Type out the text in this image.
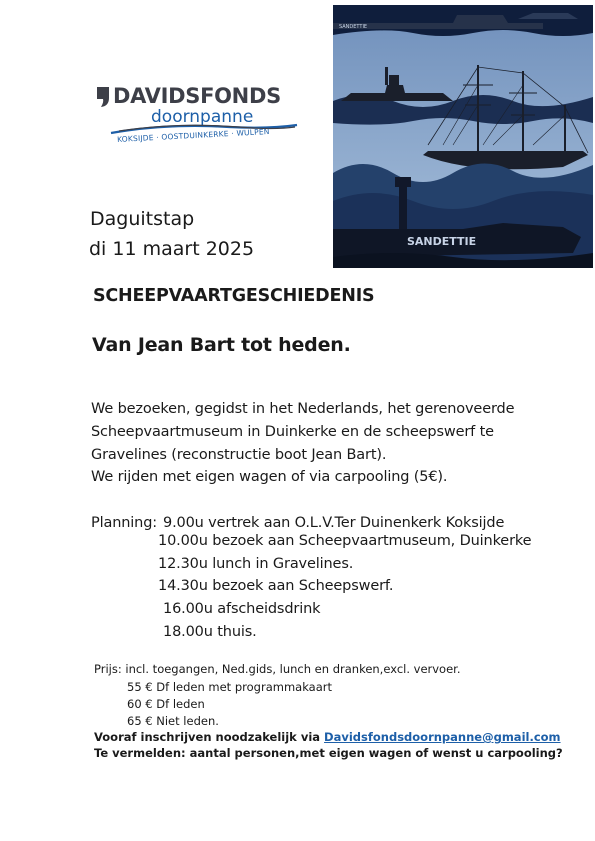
DAVIDSFONDS
doornpanne
KOKSIJDE · OOSTDUINKERKE · WULPEN
SANDETTIE
SANDETTIE
Daguitstap
di 11 maart 2025
SCHEEPVAARTGESCHIEDENIS
Van Jean Bart tot heden.
We bezoeken, gegidst in het Nederlands, het gerenoveerde
Scheepvaartmuseum in Duinkerke en de scheepswerf te
Gravelines (reconstructie boot Jean Bart).
We rijden met eigen wagen of via carpooling (5€).
Planning: 9.00u vertrek aan O.L.V.Ter Duinenkerk Koksijde
10.00u bezoek aan Scheepvaartmuseum, Duinkerke
12.30u lunch in Gravelines.
14.30u bezoek aan Scheepswerf.
16.00u afscheidsdrink
18.00u thuis.
Prijs: incl. toegangen, Ned.gids, lunch en dranken,excl. vervoer.
55 € Df leden met programmakaart
60 € Df leden
65 € Niet leden.
Vooraf inschrijven noodzakelijk via Davidsfondsdoornpanne@gmail.com
Te vermelden: aantal personen,met eigen wagen of wenst u carpooling?
